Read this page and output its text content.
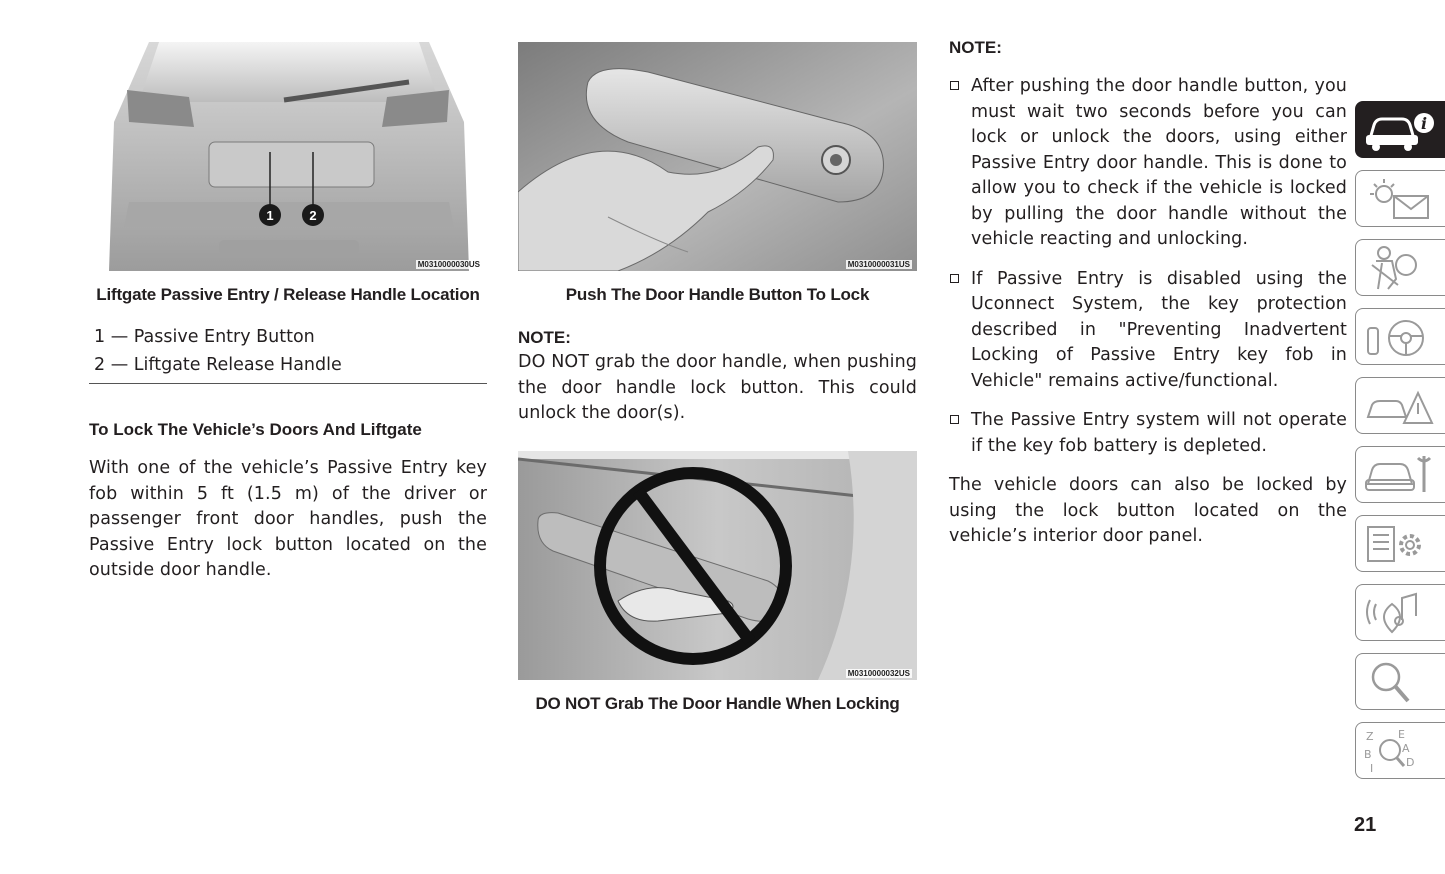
1	2
M0310000030US
Liftgate Passive Entry / Release Handle Location
1 — Passive Entry Button
2 — Liftgate Release Handle
To Lock The Vehicle’s Doors And Liftgate

With one of the vehicle’s Passive Entry key fob within 5 ft (1.5 m) of the driver or passenger front door handles, push the Passive Entry lock button located on the outside door handle.

M0310000031US
Push The Door Handle Button To Lock
NOTE:

DO NOT grab the door handle, when pushing the door handle lock button. This could unlock the door(s).

M0310000032US
DO NOT Grab The Door Handle When Locking
NOTE:

After pushing the door handle button, you must wait two seconds before you can lock or unlock the doors, using either Passive Entry door handle. This is done to allow you to check if the vehicle is locked by pulling the door handle without the vehicle reacting and unlocking.

If Passive Entry is disabled using the Uconnect System, the key protection described in "Preventing Inadvertent Locking of Passive Entry key fob in Vehicle" remains active/functional.

The Passive Entry system will not operate if the key fob battery is depleted.

The vehicle doors can also be locked by using the lock button located on the vehicle’s interior door panel.

i
Z E
B	A
I	D
21
